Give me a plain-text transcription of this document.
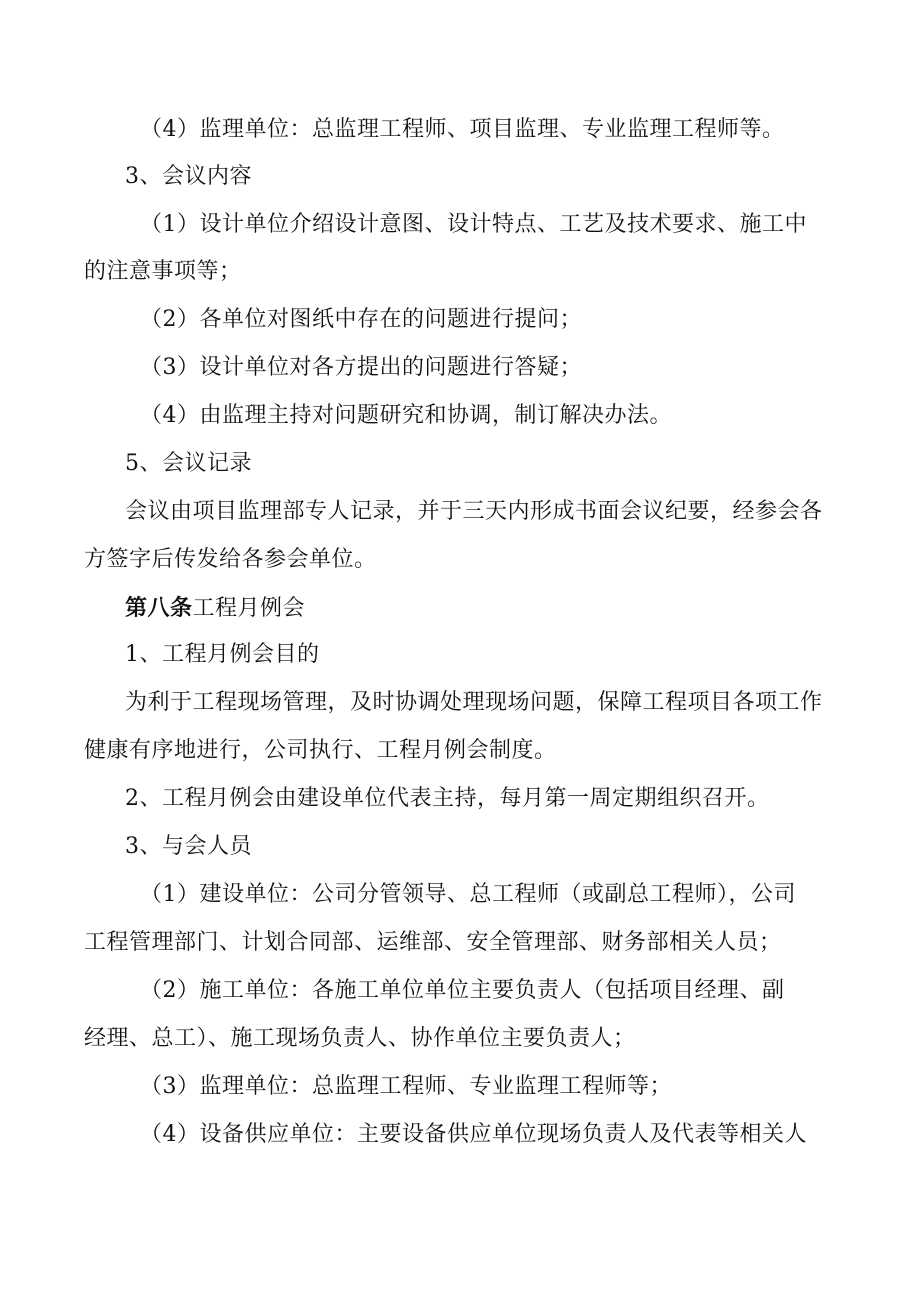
（4）监理单位：总监理工程师、项目监理、专业监理工程师等。
3、会议内容
（1）设计单位介绍设计意图、设计特点、工艺及技术要求、施工中
的注意事项等；
（2）各单位对图纸中存在的问题进行提问；
（3）设计单位对各方提出的问题进行答疑；
（4）由监理主持对问题研究和协调，制订解决办法。
5、会议记录
会议由项目监理部专人记录，并于三天内形成书面会议纪要，经参会各
方签字后传发给各参会单位。
第八条工程月例会
1、工程月例会目的
为利于工程现场管理，及时协调处理现场问题，保障工程项目各项工作
健康有序地进行，公司执行、工程月例会制度。
2、工程月例会由建设单位代表主持，每月第一周定期组织召开。
3、与会人员
（1）建设单位：公司分管领导、总工程师（或副总工程师），公司
工程管理部门、计划合同部、运维部、安全管理部、财务部相关人员；
（2）施工单位：各施工单位单位主要负责人（包括项目经理、副
经理、总工）、施工现场负责人、协作单位主要负责人；
（3）监理单位：总监理工程师、专业监理工程师等；
（4）设备供应单位：主要设备供应单位现场负责人及代表等相关人
